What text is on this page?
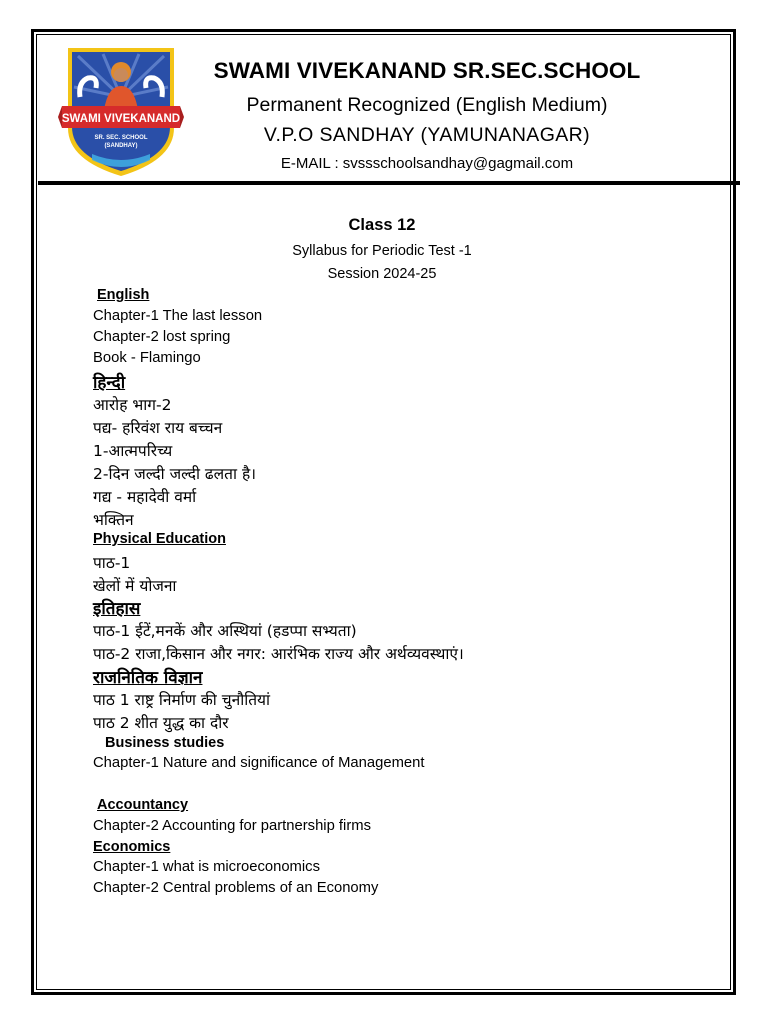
SWAMI VIVEKANAND
SR. SEC. SCHOOL
(SANDHAY)
SWAMI VIVEKANAND SR.SEC.SCHOOL
Permanent Recognized (English Medium)
V.P.O SANDHAY (YAMUNANAGAR)
E-MAIL : svssschoolsandhay@gagmail.com
Class 12
Syllabus for Periodic Test -1
Session 2024-25
English
Chapter-1 The last lesson
Chapter-2 lost spring
Book - Flamingo
हिन्दी
आरोह भाग-2
पद्य- हरिवंश राय बच्चन
1-आत्मपरिच्य
2-दिन जल्दी जल्दी ढलता है।
गद्य - महादेवी वर्मा
भक्तिन
Physical Education
पाठ-1
खेलों में योजना
इतिहास
पाठ-1 ईटें,मनकें और अस्थियां (हडप्पा सभ्यता)
पाठ-2 राजा,किसान और नगर: आरंभिक राज्य और अर्थव्यवस्थाएं।
राजनितिक विज्ञान
पाठ 1 राष्ट्र निर्माण की चुनौतियां
पाठ 2 शीत युद्ध का दौर
Business studies
Chapter-1 Nature and significance of Management
Accountancy
Chapter-2 Accounting for partnership firms
Economics
Chapter-1 what is microeconomics
Chapter-2 Central problems of an Economy
